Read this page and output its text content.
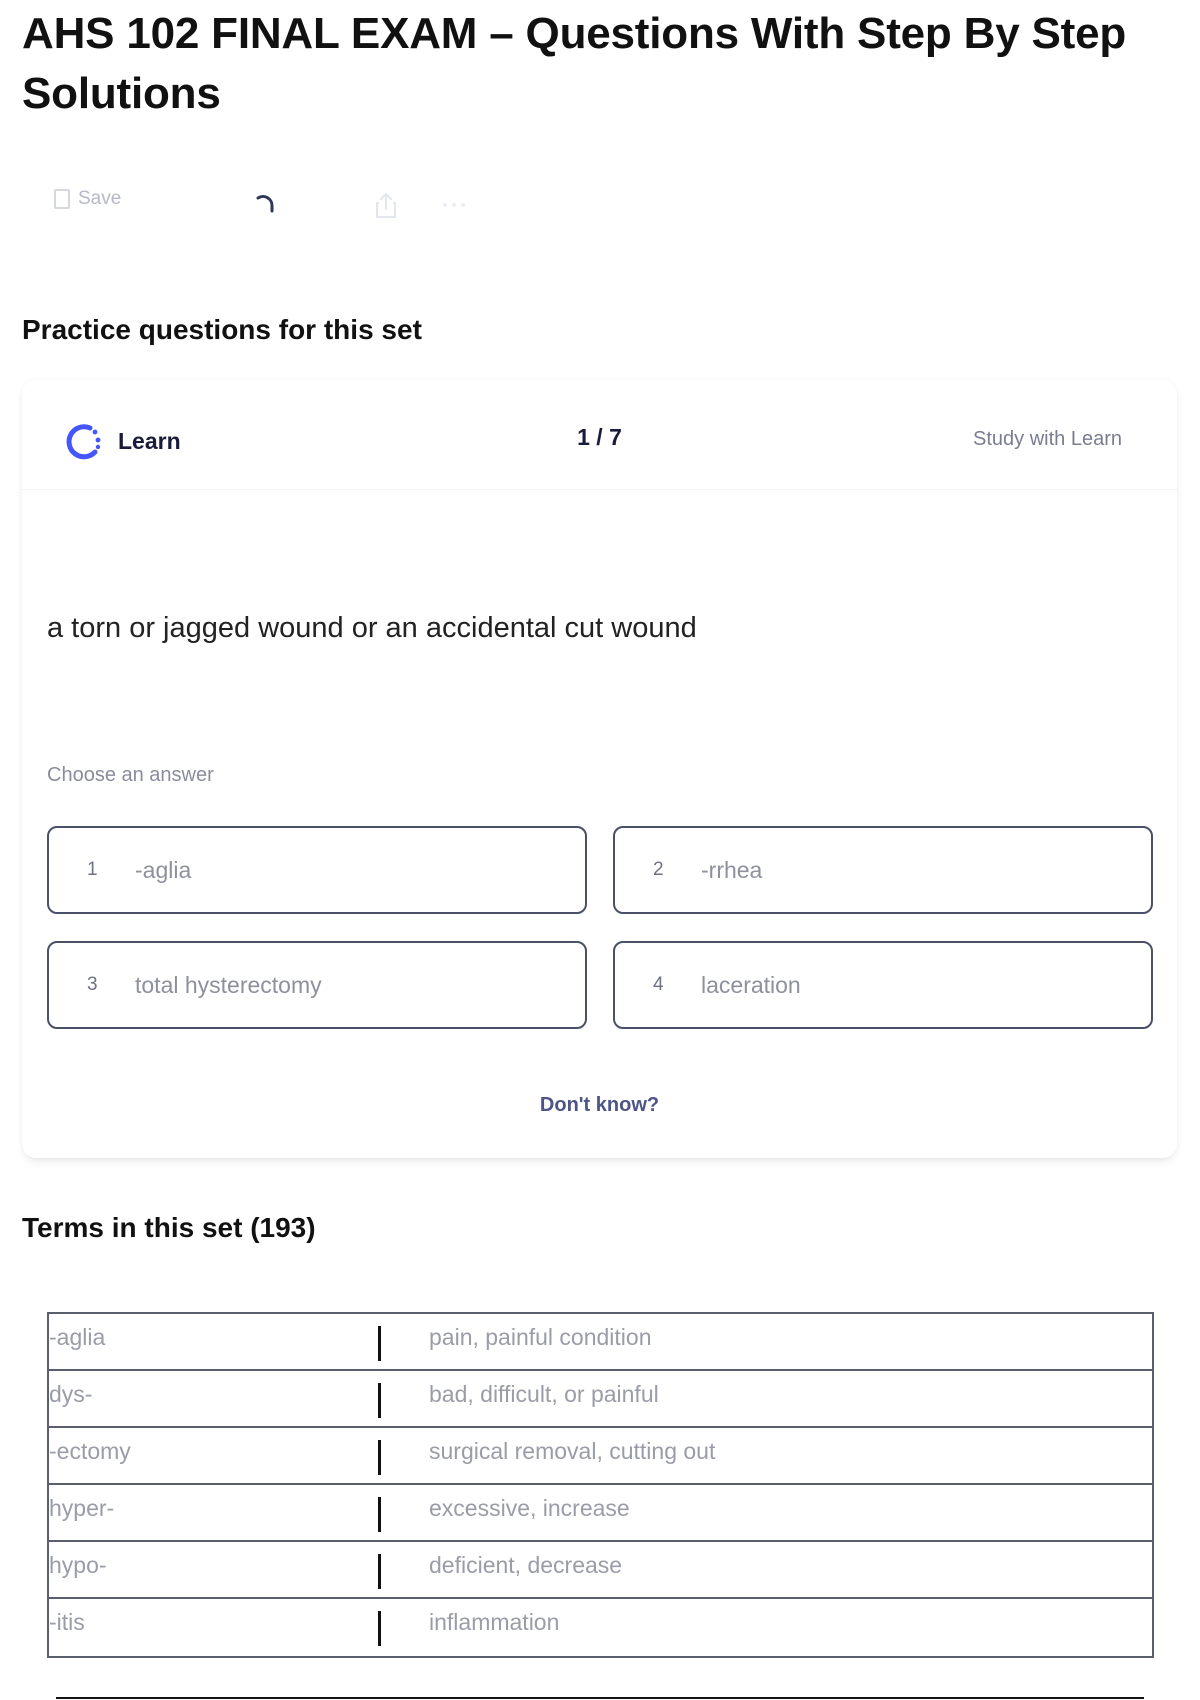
AHS 102 FINAL EXAM – Questions With Step By Step Solutions
Save
Practice questions for this set
Learn	1 / 7	Study with Learn
a torn or jagged wound or an accidental cut wound
Choose an answer
1	-aglia	2	-rrhea
3	total hysterectomy	4	laceration
Don't know?
Terms in this set (193)
-aglia	pain, painful condition
dys-	bad, difficult, or painful
-ectomy	surgical removal, cutting out
hyper-	excessive, increase
hypo-	deficient, decrease
-itis	inflammation
